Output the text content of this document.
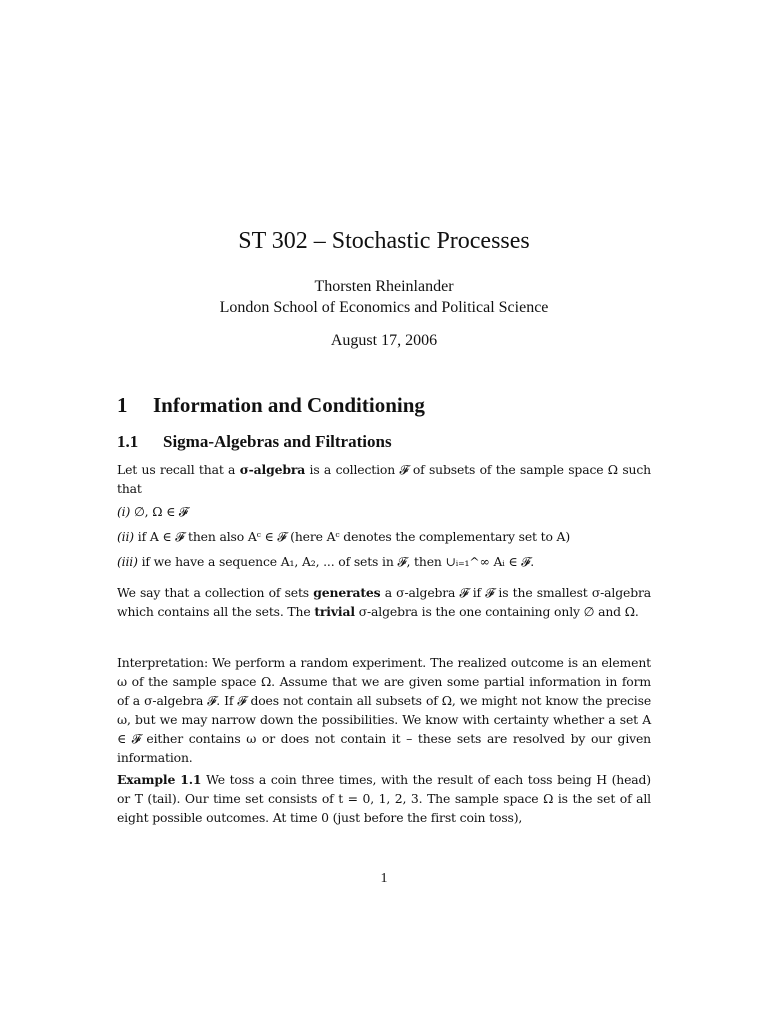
ST 302 – Stochastic Processes
Thorsten Rheinlander
London School of Economics and Political Science
August 17, 2006
1 Information and Conditioning
1.1 Sigma-Algebras and Filtrations
Let us recall that a σ-algebra is a collection 𝓕 of subsets of the sample space Ω such that
(i) ∅, Ω ∈ 𝓕
(ii) if A ∈ 𝓕 then also Aᶜ ∈ 𝓕 (here Aᶜ denotes the complementary set to A)
(iii) if we have a sequence A₁, A₂, ... of sets in 𝓕, then ∪ᵢ₌₁^∞ Aᵢ ∈ 𝓕.
We say that a collection of sets generates a σ-algebra 𝓕 if 𝓕 is the smallest σ-algebra which contains all the sets. The trivial σ-algebra is the one containing only ∅ and Ω.
Interpretation: We perform a random experiment. The realized outcome is an element ω of the sample space Ω. Assume that we are given some partial information in form of a σ-algebra 𝓕. If 𝓕 does not contain all subsets of Ω, we might not know the precise ω, but we may narrow down the possibilities. We know with certainty whether a set A ∈ 𝓕 either contains ω or does not contain it – these sets are resolved by our given information.
Example 1.1 We toss a coin three times, with the result of each toss being H (head) or T (tail). Our time set consists of t = 0, 1, 2, 3. The sample space Ω is the set of all eight possible outcomes. At time 0 (just before the first coin toss),
1
